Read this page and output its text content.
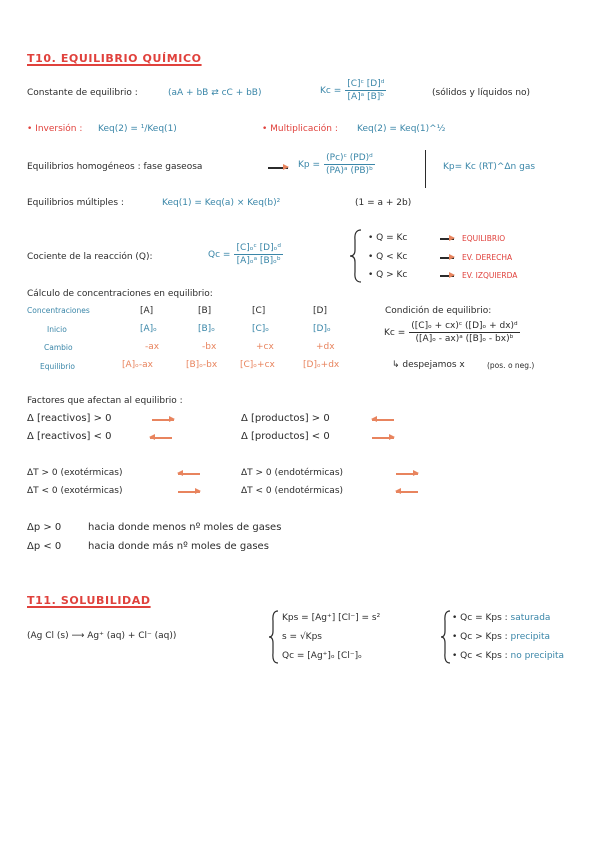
T10. EQUILIBRIO QUÍMICO
Constante de equilibrio :	(aA + bB ⇄ cC + bB)	$Kc = \frac{\text{[C]ᶜ [D]ᵈ}}{\text{[A]ᵃ [B]ᵇ}}$	(sólidos y líquidos no)
• Inversión : Keq(2) = ¹/Keq(1)	• Multiplicación : Keq(2) = Keq(1)^½
Equilibrios homogéneos : fase gaseosa	$Kp = \frac{\text{(Pc)ᶜ (PD)ᵈ}}{\text{(PA)ᵃ (PB)ᵇ}}$	Kp= Kc (RT)^Δn gas
Equilibrios múltiples :	Keq(1) = Keq(a) × Keq(b)²	(1 = a + 2b)
Cociente de la reacción (Q):	$Qc = \frac{\text{[C]ₒᶜ [D]ₒᵈ}}{\text{[A]ₒᵃ [B]ₒᵇ}}$
• Q = Kc	EQUILIBRIO
• Q < Kc	EV. DERECHA
• Q > Kc	EV. IZQUIERDA
Cálculo de concentraciones en equilibrio:
Concentraciones	[A]	[B]	[C]	[D]
Inicio	[A]ₒ	[B]ₒ	[C]ₒ	[D]ₒ
Cambio	-ax	-bx	+cx	+dx
Equilibrio	[A]ₒ-ax	[B]ₒ-bx	[C]ₒ+cx	[D]ₒ+dx
Condición de equilibrio:
$Kc = \frac{\text{([C]ₒ + cx)ᶜ ([D]ₒ + dx)ᵈ}}{\text{([A]ₒ - ax)ᵃ ([B]ₒ - bx)ᵇ}}$
↳ despejamos x	(pos. o neg.)
Factores que afectan al equilibrio :
Δ [reactivos] > 0
Δ [reactivos] < 0
Δ [productos] > 0
Δ [productos] < 0
ΔT > 0 (exotérmicas)
ΔT < 0 (exotérmicas)
ΔT > 0 (endotérmicas)
ΔT < 0 (endotérmicas)
Δp > 0	hacia donde menos nº moles de gases
Δp < 0	hacia donde más nº moles de gases
T11. SOLUBILIDAD
(Ag Cl (s) ⟶ Ag⁺ (aq) + Cl⁻ (aq))
Kps = [Ag⁺] [Cl⁻] = s²
s = √Kps
Qc = [Ag⁺]ₒ [Cl⁻]ₒ
• Qc = Kps : saturada
• Qc > Kps : precipita
• Qc < Kps : no precipita
